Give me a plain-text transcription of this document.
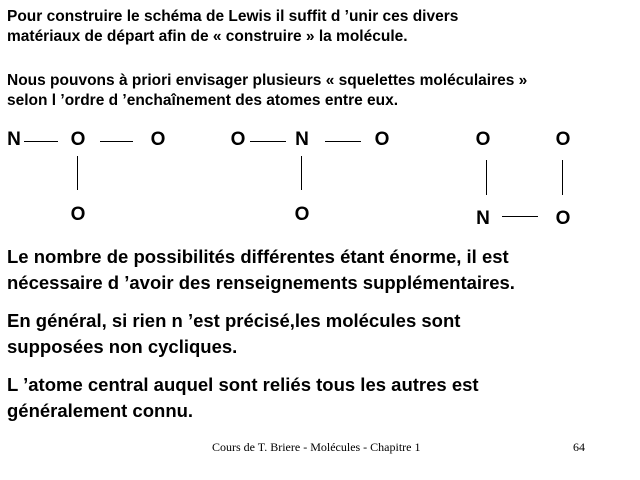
Pour construire le schéma de Lewis il suffit d ’unir ces divers
matériaux de départ afin de « construire » la molécule.
Nous pouvons à priori envisager plusieurs « squelettes moléculaires »
selon l ’ordre d ’enchaînement des atomes entre eux.
N	O	O
O
O	N	O
O
O	O
N	O
Le nombre de possibilités différentes étant énorme, il est
nécessaire d ’avoir des renseignements supplémentaires.
En général, si rien n ’est précisé,les molécules sont
supposées non cycliques.
L ’atome central auquel sont reliés tous les autres est
généralement connu.
Cours de T. Briere - Molécules - Chapitre 1	64
